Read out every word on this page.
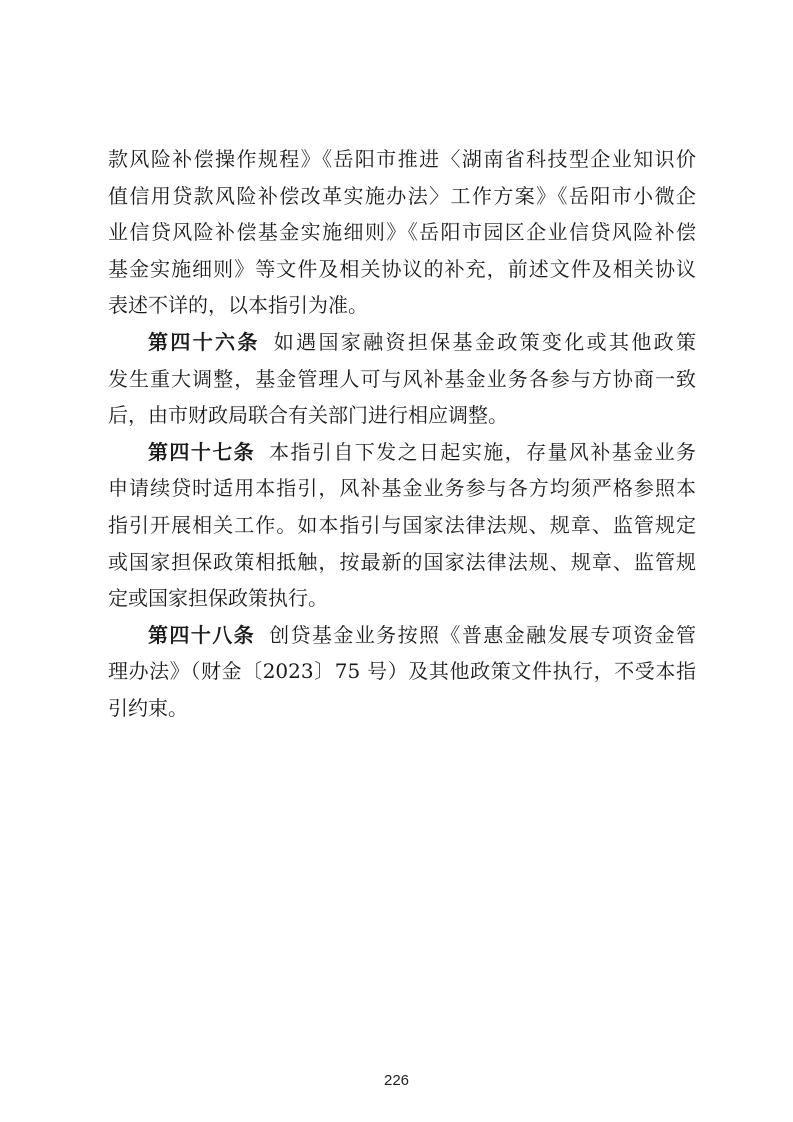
款风险补偿操作规程》《岳阳市推进〈湖南省科技型企业知识价
值信用贷款风险补偿改革实施办法〉工作方案》《岳阳市小微企
业信贷风险补偿基金实施细则》《岳阳市园区企业信贷风险补偿
基金实施细则》等文件及相关协议的补充，前述文件及相关协议
表述不详的，以本指引为准。
第四十六条 如遇国家融资担保基金政策变化或其他政策
发生重大调整，基金管理人可与风补基金业务各参与方协商一致
后，由市财政局联合有关部门进行相应调整。
第四十七条 本指引自下发之日起实施，存量风补基金业务
申请续贷时适用本指引，风补基金业务参与各方均须严格参照本
指引开展相关工作。如本指引与国家法律法规、规章、监管规定
或国家担保政策相抵触，按最新的国家法律法规、规章、监管规
定或国家担保政策执行。
第四十八条 创贷基金业务按照《普惠金融发展专项资金管
理办法》（财金〔2023〕75 号）及其他政策文件执行，不受本指
引约束。
226
